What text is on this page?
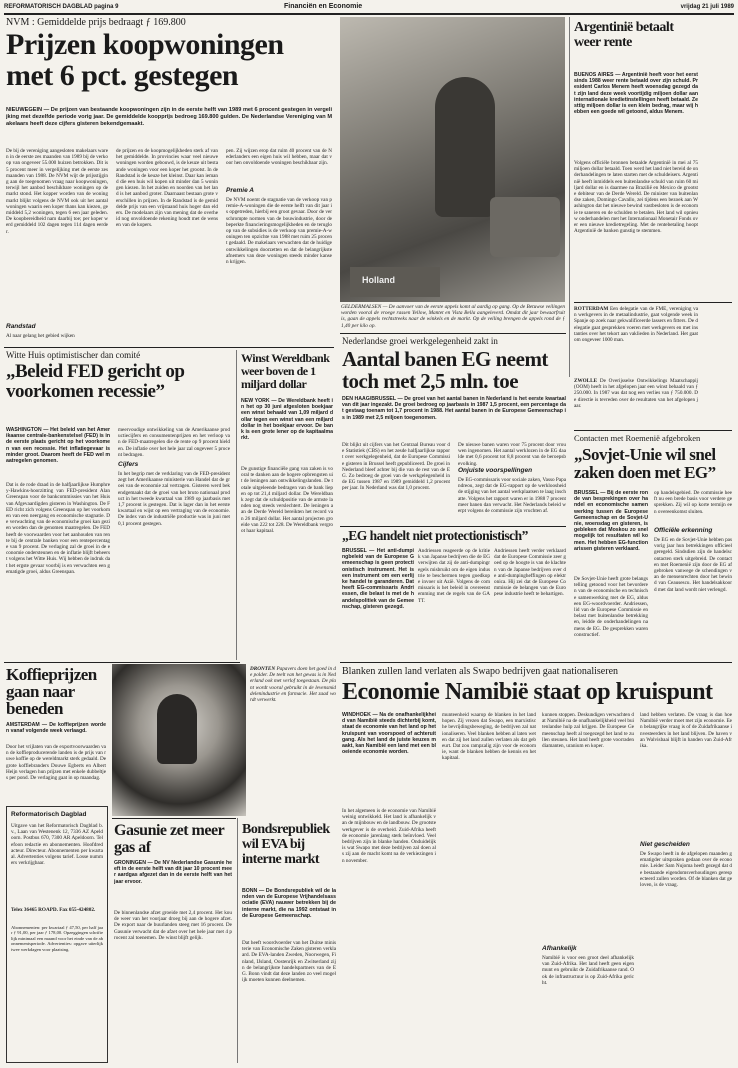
REFORMATORISCH DAGBLAD pagina 9	Financiën en Economie	vrijdag 21 juli 1989
NVM : Gemiddelde prijs bedraagt ƒ 169.800
Prijzen koopwoningen met 6 pct. gestegen
NIEUWEGEIN — De prijzen van bestaande koopwoningen zijn in de eerste helft van 1989 met 6 procent gestegen in vergelijking met dezelfde periode vorig jaar. De gemiddelde koopprijs bedroeg 169.800 gulden. De Nederlandse Vereniging van Makelaars heeft deze cijfers gisteren bekendgemaakt.
De bij de vereniging aangesloten makelaars waren in de eerste zes maanden van 1989 bij de verkoop van ongeveer 55.000 huizen betrokken. Dit is 5 procent meer in vergelijking met de eerste zes maanden van 1988. De NVM wijt de prijsstijging aan de toegenomen vraag naar koopwoningen, terwijl het aanbod beschikbare woningen op de markt stond. Het kopper worden van de woningmarkt blijkt volgens de NVM ook uit het aantal woningen waarin een koper thans kan kiezen, gemiddeld 5,2 woningen, tegen 6 een jaar geleden. De koopbereidheid nam daarbij toe; per koper werd gemiddeld 102 dagen tegen 114 dagen eerder.
Randstad
Al naar gelang het gebied wijken
de prijzen en de koopmogelijkheden sterk af van het gemiddelde. In provincies waar veel nieuwe woningen worden gebouwd, is de keuze uit bestaande woningen voor een koper het grootst. In de Randstad is de keuze het kleinst. Daar kan iemand die een huis wil kopen uit minder dan 5 woningen kiezen. In het zuiden en noorden van het land is het aanbod groter. Daarnaast bestaan grote verschillen in prijzen. In de Randstad is de gemiddelde prijs van een vrijstaand huis hoger dan elders. De modelaars zijn van mening dat de overheid nog onvoldoende rekening houdt met de wensen van de kopers.
pen. Zij wijzen erop dat ruim 40 procent van de Nederlanders een eigen huis wil hebben, maar dat voor hen onvoldoende woningen beschikbaar zijn.
Premie A
De NVM noemt de stagnatie van de verkoop van premie-A-woningen die de eerste helft van dit jaar is opgetreden, hierbij een groot gevaar. Door de verschrompte normen van de bouwindustrie, door de beperkte financieringsmogelijkheden en de terugloop van de subsidies is de verkoop van premie-A-woningen ten opzichte van 1988 met ruim 25 procent gedaald. De makelaars verwachten dat de huidige ontwikkelingen doorzetten en dat de belangrijkste afnemers van deze woningen steeds minder kansen krijgen.
Holland
GELDERMALSEN — De aanvoer van de eerste appels komt al aardig op gang. Op de Betuwse veilingen worden vooral de vroege rassen Yellow, Mantet en Vista Bella aangeleverd. Omdat dit jaar bewaarfruit is, gaan de appels rechtstreeks naar de winkels en de markt. Op de veiling brengen de appels rond de ƒ 1,40 per kilo op.
Argentinië betaalt weer rente
BUENOS AIRES — Argentinië heeft voor het eerst sinds 1988 weer rente betaald over zijn schuld. President Carlos Menem heeft woensdag gezegd dat zijn land deze week voortijdig miljoen dollar aan internationale kredietinstellingen heeft betaald. Zesttig miljoen dollar is een klein bedrag, maar wij hebben een goede wil getoond, aldus Menem.
Volgens officiële bronnen betaalde Argentinië in mei al 75 miljoen dollar betaald. Toen werd het land niet bereid de onderhandelingen te laten starten met de schuldeisers. Argentinië heeft inmiddels een buitenlandse schuld van ruim 60 miljard dollar en is daarmee na Brazilië en Mexico de grootste debiteur van de Derde Wereld. De minister van buitenlandse zaken, Domingo Cavallo, zei tijdens een bezoek aan Washington dat het nieuwe bewind vastbesloten is de economie te saneren en de schulden te betalen. Het land wil opnieuw onderhandelen met het Internationaal Monetair Fonds over een nieuwe kredietregeling. Met de rentebetaling hoopt Argentinië de banken gunstig te stemmen.
ROTTERDAM Een delegatie van de FME, vereniging van werkgevers in de metaalindustrie, gaat volgende week in Spanje op zoek naar gekwalificeerde lassers en fitters. De delegatie gaat gesprekken voeren met werkgevers en met instanties over het tekort aan vaklieden in Nederland. Het gaat om ongeveer 1000 man.
ZWOLLE De Overijsselse Ontwikkelings Maatschappij (OOM) heeft in het afgelopen jaar een winst behaald van ƒ 250.000. In 1987 was dat nog een verlies van ƒ 750.000. De directie is tevreden over de resultaten van het afgelopen jaar.
Witte Huis optimistischer dan comité
„Beleid FED gericht op voorkomen recessie”
WASHINGTON — Het beleid van het Amerikaanse centrale-bankenstelsel (FED) is in de eerste plaats gericht op het voorkomen van een recessie. Het inflatiegevaar is minder groot. Daarom heeft de FED wel maatregelen genomen.
Dat is de rode draad in de halfjaarlijkse Humphrey-Hawkins-hoorzitting van FED-president Alan Greenspan voor de bankcommissies van het Huis van Afgevaardigden gisteren in Washington. De FED richt zich volgens Greenspan op het voorkomen van een neergang en economische stagnatie. De verwachting van de economische groei kan gezien worden dan de genomen maatregelen. De FED heeft de voorwaarden voor het aanhouden van rente bij de centrale banken voor een rentepercentage van 9 procent. De verlaging zal de groei in de economie ondersteunen en de inflatie blijft beheerst volgens het Witte Huis. Wij hebben de indruk dat het ergste gevaar voorbij is en verwachten een gematigde groei, aldus Greenspan.
meervoudige ontwikkeling van de Amerikaanse productiecijfers en consumentenprijzen en het verloop van de FED-maatregelen die de rente op 9 procent hielden. De inflatie over het hele jaar zal ongeveer 5 procent bedragen.
Cijfers
In het begrip met de verklaring van de FED-president zegt het Amerikaanse ministerie van Handel dat de groei van de economie zal vertragen. Gisteren werd bekendgemaakt dat de groei van het bruto nationaal product in het tweede kwartaal van 1989 op jaarbasis met 1,7 procent is gestegen. Dat is lager dan in het eerste kwartaal en wijst op een vertraging van de economie. De index van de industriële productie was in juni met 0,1 procent gestegen.
Winst Wereldbank weer boven de 1 miljard dollar
NEW YORK — De Wereldbank heeft in het op 30 juni afgesloten boekjaar een winst behaald van 1,09 miljard dollar tegen een winst van een miljard dollar in het boekjaar ervoor. De bank is een grote lener op de kapitaalmarkt.
De gunstige financiële gang van zaken is vooral te danken aan de hogere opbrengsten uit de leningen aan ontwikkelingslanden. De totale uitgeleende bedragen van de bank liepen op tot 21,4 miljard dollar. De Wereldbank zegt dat de schuldpositie van de armste landen nog steeds verslechtert. De leningen aan de Derde Wereld bereikten het record van 26 miljard dollar. Het aantal projecten groeide van 222 tot 228. De Wereldbank vergroot haar kapitaal.
Nederlandse groei werkgelegenheid zakt in
Aantal banen EG neemt toch met 2,5 mln. toe
DEN HAAG/BRUSSEL — De groei van het aantal banen in Nederland is het eerste kwartaal van dit jaar ingezakt. De groei bedroeg op jaarbasis in 1987 1,5 procent, een percentage dat gestaag toenam tot 1,7 procent in 1988. Het aantal banen in de Europese Gemeenschap is in 1989 met 2,5 miljoen toegenomen.
Dit blijkt uit cijfers van het Centraal Bureau voor de Statistiek (CBS) en het zesde halfjaarlijkse rapport over werkgelegenheid, dat de Europese Commissie gisteren in Brussel heeft gepubliceerd. De groei in Nederland bleef achter bij die van de rest van de EG. Zo bedroeg de groei van de werkgelegenheid in de EG tussen 1987 en 1989 gemiddeld 1,2 procent per jaar. In Nederland was dat 1,0 procent.
De nieuwe banen waren voor 75 procent door vrouwen ingenomen. Het aantal werklozen in de EG daalde met 0,6 procent tot 8,8 procent van de beroepsbevolking.
Onjuiste voorspellingen
De EG-commissaris voor sociale zaken, Vasso Papandreou, zegt dat de EG-rapport op de werkloosheid de stijging van het aantal werkplaatsen te laag inschatte. Volgens het rapport waren er in 1988 7 procent meer banen dan verwacht. Het Nederlands beleid werpt volgens de commissie zijn vruchten af.
„EG handelt niet protectionistisch”
BRUSSEL — Het anti-dumpingbeleid van de Europese Gemeenschap is geen protectionistisch instrument. Het is een instrument om een eerlijke handel te garanderen. Dat heeft EG-commissaris Andriessen, die belast is met de handelspolitiek van de Gemeenschap, gisteren gezegd.
Andriessen reageerde op de kritiek van Japanse bedrijven die de EG verwijten dat zij de anti-dumpingregels misbruikt om de eigen industrie te beschermen tegen goedkope invoer uit Azië. Volgens de commissaris is het beleid in overeenstemming met de regels van de GATT.
Andriessen heeft verder verklaard dat de Europese Commissie zeer goed op de hoogte is van de klachten van de Japanse bedrijven over de anti-dumpingheffingen op elektronica. Hij zei dat de Europese Commissie de belangen van de Europese industrie heeft te behartigen.
Contacten met Roemenië afgebroken
„Sovjet-Unie wil snel zaken doen met EG”
BRUSSEL — Bij de eerste ronde van besprekingen over handel en economische samenwerking tussen de Europese Gemeenschap en de Sovjet-Unie, woensdag en gisteren, is gebleken dat Moskou zo snel mogelijk tot resultaten wil komen. Het hebben EG-functionarissen gisteren verklaard.
De Sovjet-Unie heeft grote belangstelling getoond voor het bevorderen van de economische en technische samenwerking met de EG, aldus een EG-woordvoerder. Andriessen, lid van de Europese Commissie en belast met buitenlandse betrekkingen, leidde de onderhandelingen namens de EG. De gesprekken waren constructief.
op handelsgebied. De commissie heeft nu een brede basis voor verdere gesprekken. Zij wil op korte termijn een overeenkomst sluiten.
Officiële erkenning
De EG en de Sovjet-Unie hebben pas vorig jaar hun betrekkingen officieel geregeld. Sindsdien zijn de handelscontacten sterk uitgebreid. De contacten met Roemenië zijn door de EG afgebroken vanwege de schendingen van de mensenrechten door het bewind van Ceausescu. Het handelsakkoord met dat land wordt niet verlengd.
Koffieprijzen gaan naar beneden
AMSTERDAM — De koffieprijzen worden vanaf volgende week verlaagd.
Door het vrijlaten van de exportvoorwaarden van de koffieproducerende landen is de prijs van ruwe koffie op de wereldmarkt sterk gedaald. De grote koffiebranders Douwe Egberts en Albert Heijn verlagen hun prijzen met enkele dubbeltjes per pond. De verlaging gaat in op maandag.
DRONTEN Papavers doen het goed in de polder. De teelt van het gewas is in Nederland ook met verlof toegestaan. De plant wordt vooral gebruikt in de levensmiddelenindustrie en farmacie. Het zaad wordt verwerkt.
Reformatorisch Dagblad
Uitgave van het Reformatorisch Dagblad b.v., Laan van Westenenk 12, 7336 AZ Apeldoorn. Postbus 670, 7300 AR Apeldoorn. Telefoon redactie en abonnementen. Hoofdredacteur. Directeur. Abonnementen per kwartaal. Advertenties volgens tarief. Losse nummers verkrijgbaar.
Telex 36465 ROAPD. Fax 055-424802.
Abonnementen: per kwartaal ƒ 47,50, per half jaar ƒ 91,00, per jaar ƒ 178,00. Opzeggingen schriftelijk minimaal een maand voor het einde van de abonnementsperiode. Advertenties: opgave uiterlijk twee werkdagen voor plaatsing.
Gasunie zet meer gas af
GRONINGEN — De NV Nederlandse Gasunie heeft in de eerste helft van dit jaar 10 procent meer aardgas afgezet dan in de eerste helft van het jaar ervoor.
De binnenlandse afzet groeide met 2,4 procent. Het koude weer van het voorjaar droeg bij aan de hogere afzet. De export naar de buurlanden steeg met 16 procent. De Gasunie verwacht dat de afzet over het hele jaar met 4 procent zal toenemen. De winst blijft gelijk.
Bondsrepubliek wil EVA bij interne markt
BONN — De Bondsrepubliek wil de landen van de Europese Vrijhandelsassociatie (EVA) nauwer betrekken bij de interne markt, die na 1992 ontstaat in de Europese Gemeenschap.
Dat heeft woordvoerder van het Duitse ministerie van Economische Zaken gisteren verklaard. De EVA-landen Zweden, Noorwegen, Finland, IJsland, Oostenrijk en Zwitserland zijn de belangrijkste handelspartners van de EG. Bonn vindt dat deze landen zo veel mogelijk moeten kunnen deelnemen.
Blanken zullen land verlaten als Swapo bedrijven gaat nationaliseren
Economie Namibië staat op kruispunt
WINDHOEK — Na de onafhankelijkheid van Namibië steeds dichterbij komt, staat de economie van het land op het kruispunt van voorspoed of achteruitgang. Als het land de juiste keuzes maakt, kan Namibië een land met een bloeiende economie worden.
In het algemeen is de economie van Namibië weinig ontwikkeld. Het land is afhankelijk van de mijnbouw en de landbouw. De grootste werkgever is de overheid. Zuid-Afrika heeft de economie jarenlang sterk beïnvloed. Veel bedrijven zijn in blanke handen. Onduidelijk is wat Swapo met deze bedrijven zal doen als zij aan de macht komt na de verkiezingen in november.
munteenheid waarop de blanken in het land hopen. Zij vrezen dat Swapo, een marxistische bevrijdingsbeweging, de bedrijven zal nationaliseren. Veel blanken hebben al laten weten dat zij het land zullen verlaten als dat gebeurt. Dat zou rampzalig zijn voor de economie, want de blanken hebben de kennis en het kapitaal.
kunnen stoppen. Deskundigen verwachten dat Namibië na de onafhankelijkheid veel buitenlandse hulp zal krijgen. De Europese Gemeenschap heeft al toegezegd het land te zullen steunen. Het land heeft grote voorraden diamanten, uranium en koper.
Afhankelijk
Namibië is voor een groot deel afhankelijk van Zuid-Afrika. Het land heeft geen eigen munt en gebruikt de Zuidafrikaanse rand. Ook de infrastructuur is op Zuid-Afrika gericht.
land hebben verlaten. De vraag is dan hoe Namibië verder moet met zijn economie. Een belangrijke vraag is of de Zuidafrikaanse investeerders in het land blijven. De haven van Walvisbaai blijft in handen van Zuid-Afrika.
Niet gescheiden
De Swapo heeft in de afgelopen maanden gematigder uitspraken gedaan over de economie. Leider Sam Nujoma heeft gezegd dat de bestaande eigendomsverhoudingen gerespecteerd zullen worden. Of de blanken dat geloven, is de vraag.
